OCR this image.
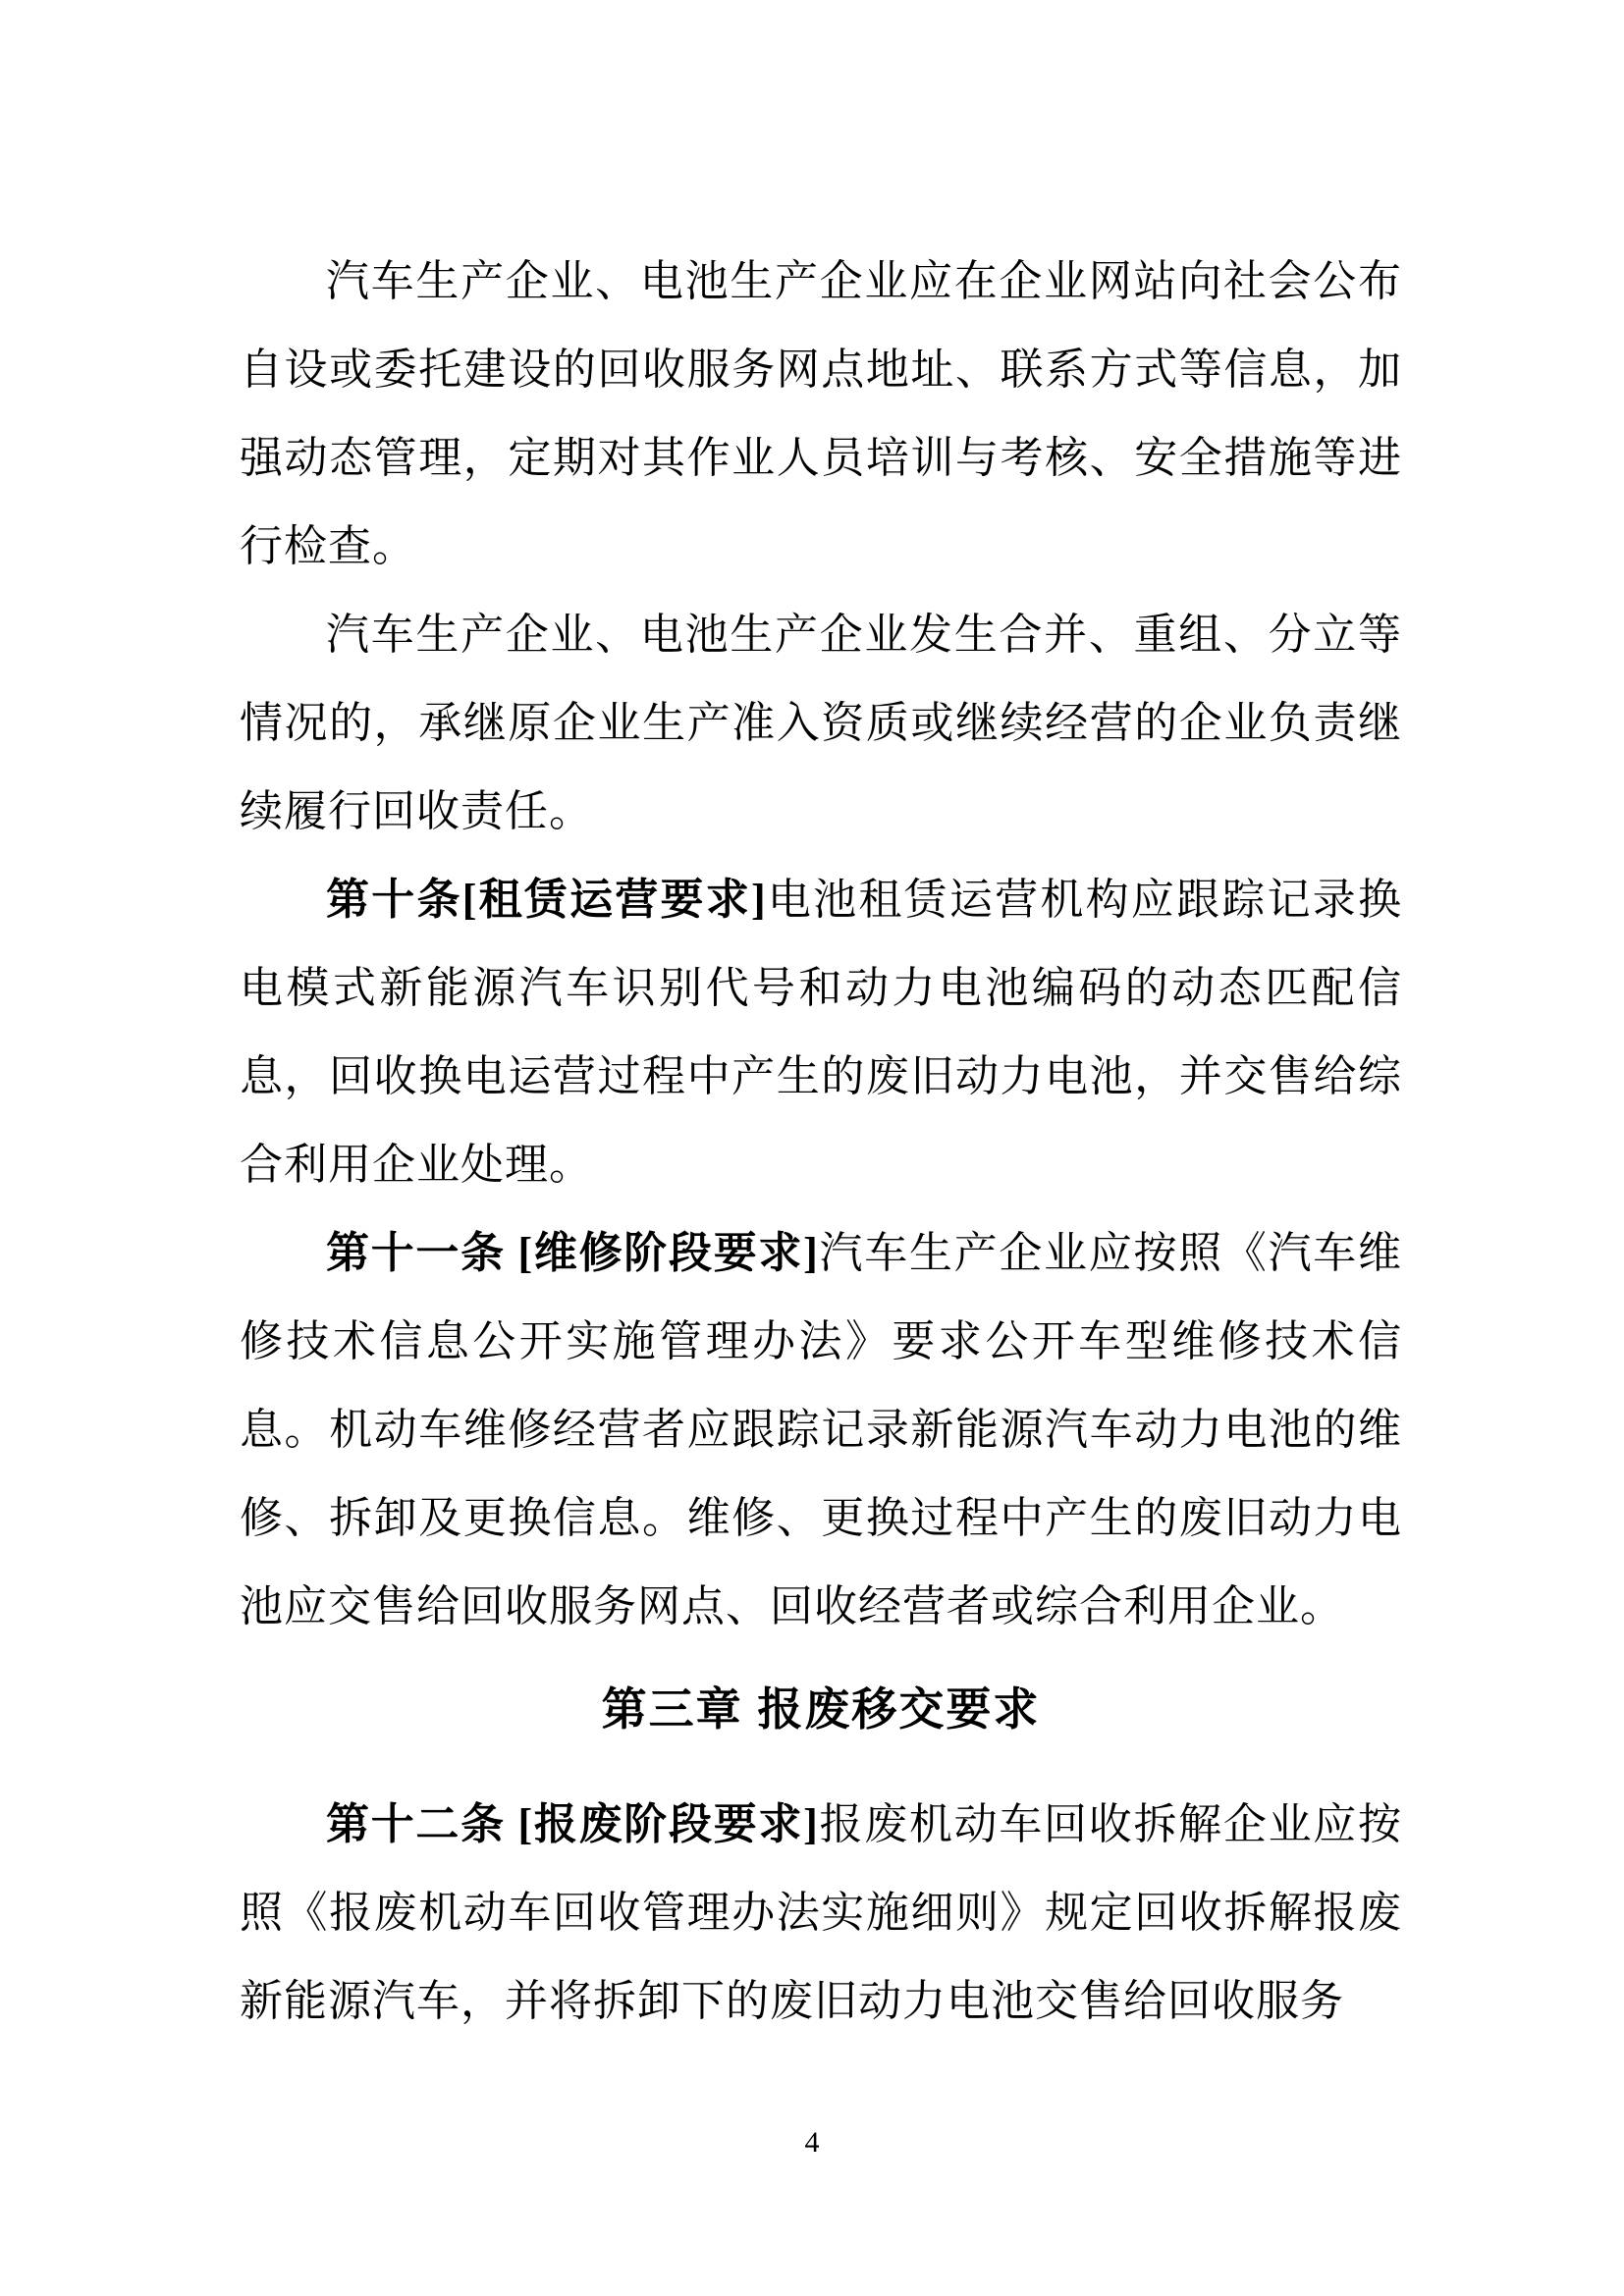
汽车生产企业、电池生产企业应在企业网站向社会公布自设或委托建设的回收服务网点地址、联系方式等信息，加强动态管理，定期对其作业人员培训与考核、安全措施等进行检查。

汽车生产企业、电池生产企业发生合并、重组、分立等情况的，承继原企业生产准入资质或继续经营的企业负责继续履行回收责任。

第十条[租赁运营要求]电池租赁运营机构应跟踪记录换电模式新能源汽车识别代号和动力电池编码的动态匹配信息，回收换电运营过程中产生的废旧动力电池，并交售给综合利用企业处理。

第十一条 [维修阶段要求]汽车生产企业应按照《汽车维修技术信息公开实施管理办法》要求公开车型维修技术信息。机动车维修经营者应跟踪记录新能源汽车动力电池的维修、拆卸及更换信息。维修、更换过程中产生的废旧动力电池应交售给回收服务网点、回收经营者或综合利用企业。

第三章 报废移交要求

第十二条 [报废阶段要求]报废机动车回收拆解企业应按照《报废机动车回收管理办法实施细则》规定回收拆解报废新能源汽车，并将拆卸下的废旧动力电池交售给回收服务

4
